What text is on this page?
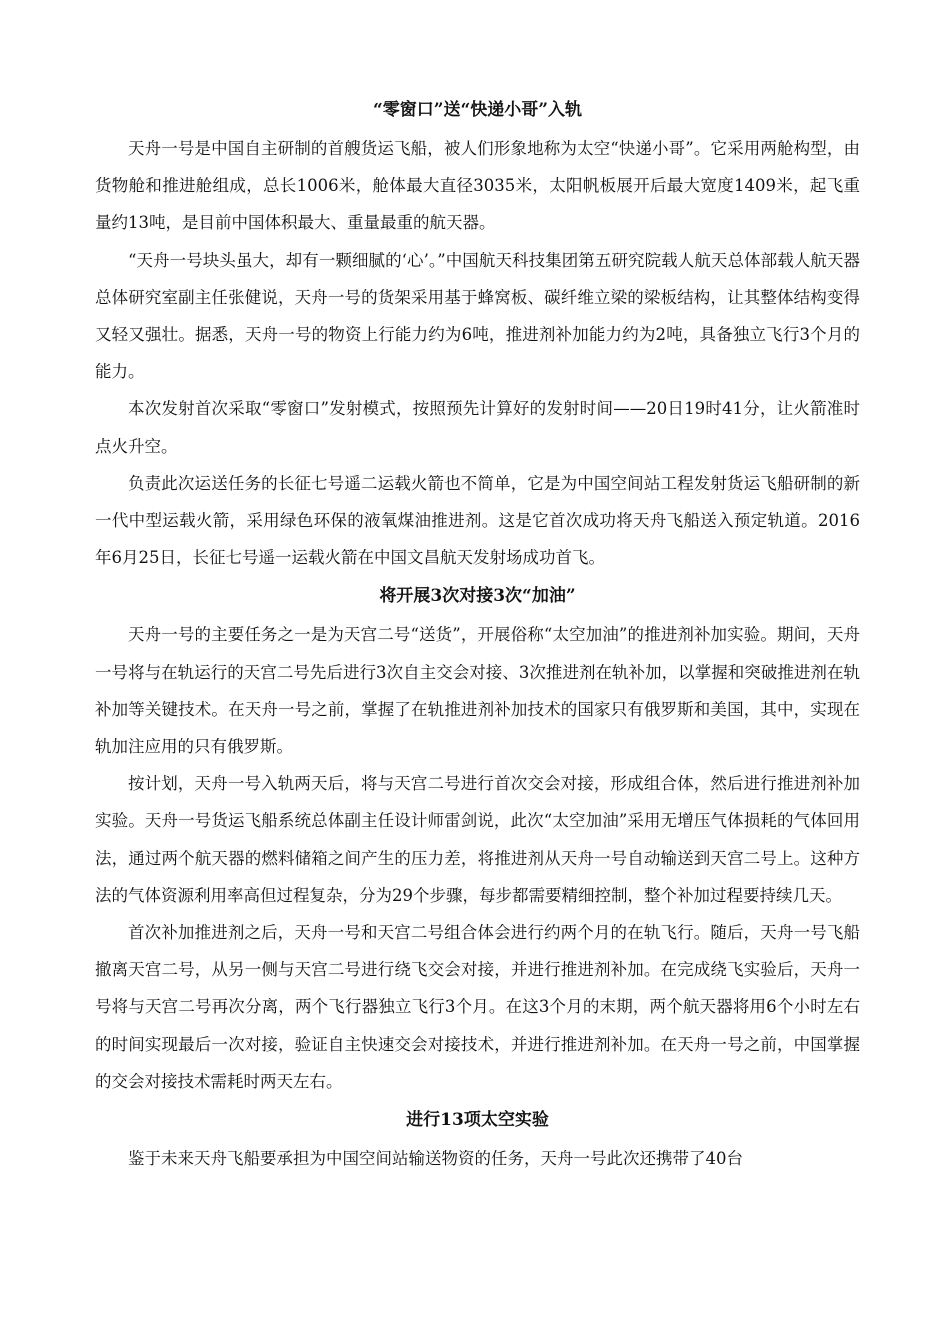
“零窗口”送“快递小哥”入轨

天舟一号是中国自主研制的首艘货运飞船，被人们形象地称为太空“快递小哥”。它采用两舱构型，由货物舱和推进舱组成，总长1006米，舱体最大直径3035米，太阳帆板展开后最大宽度1409米，起飞重量约13吨，是目前中国体积最大、重量最重的航天器。

“天舟一号块头虽大，却有一颗细腻的‘心’。”中国航天科技集团第五研究院载人航天总体部载人航天器总体研究室副主任张健说，天舟一号的货架采用基于蜂窝板、碳纤维立梁的梁板结构，让其整体结构变得又轻又强壮。据悉，天舟一号的物资上行能力约为6吨，推进剂补加能力约为2吨，具备独立飞行3个月的能力。

本次发射首次采取“零窗口”发射模式，按照预先计算好的发射时间——20日19时41分，让火箭准时点火升空。

负责此次运送任务的长征七号遥二运载火箭也不简单，它是为中国空间站工程发射货运飞船研制的新一代中型运载火箭，采用绿色环保的液氧煤油推进剂。这是它首次成功将天舟飞船送入预定轨道。2016年6月25日，长征七号遥一运载火箭在中国文昌航天发射场成功首飞。

将开展3次对接3次“加油”

天舟一号的主要任务之一是为天宫二号“送货”，开展俗称“太空加油”的推进剂补加实验。期间，天舟一号将与在轨运行的天宫二号先后进行3次自主交会对接、3次推进剂在轨补加，以掌握和突破推进剂在轨补加等关键技术。在天舟一号之前，掌握了在轨推进剂补加技术的国家只有俄罗斯和美国，其中，实现在轨加注应用的只有俄罗斯。

按计划，天舟一号入轨两天后，将与天宫二号进行首次交会对接，形成组合体，然后进行推进剂补加实验。天舟一号货运飞船系统总体副主任设计师雷剑说，此次“太空加油”采用无增压气体损耗的气体回用法，通过两个航天器的燃料储箱之间产生的压力差，将推进剂从天舟一号自动输送到天宫二号上。这种方法的气体资源利用率高但过程复杂，分为29个步骤，每步都需要精细控制，整个补加过程要持续几天。

首次补加推进剂之后，天舟一号和天宫二号组合体会进行约两个月的在轨飞行。随后，天舟一号飞船撤离天宫二号，从另一侧与天宫二号进行绕飞交会对接，并进行推进剂补加。在完成绕飞实验后，天舟一号将与天宫二号再次分离，两个飞行器独立飞行3个月。在这3个月的末期，两个航天器将用6个小时左右的时间实现最后一次对接，验证自主快速交会对接技术，并进行推进剂补加。在天舟一号之前，中国掌握的交会对接技术需耗时两天左右。

进行13项太空实验

鉴于未来天舟飞船要承担为中国空间站输送物资的任务，天舟一号此次还携带了40台
